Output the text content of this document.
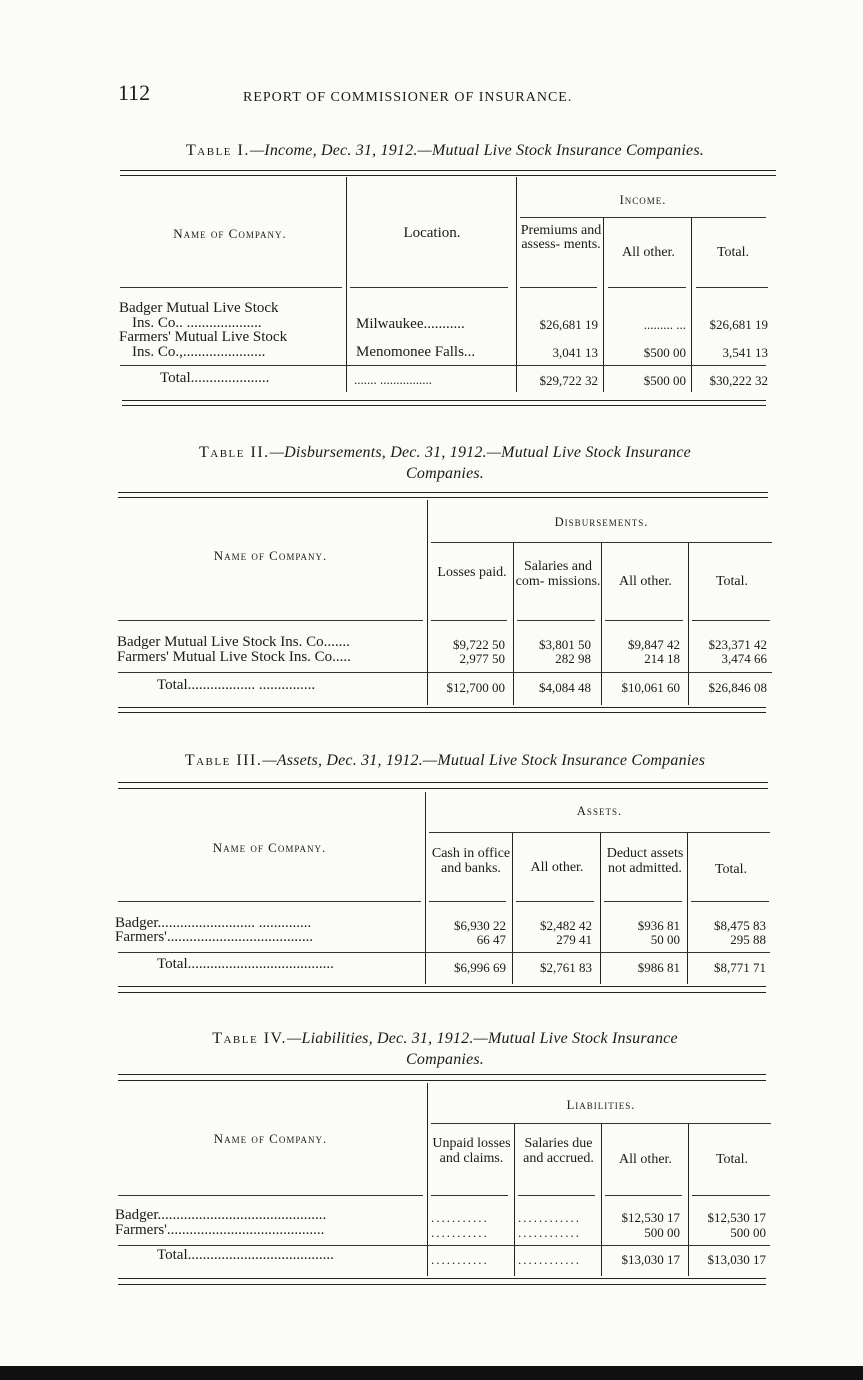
112	REPORT OF COMMISSIONER OF INSURANCE.
Table I.—Income, Dec. 31, 1912.—Mutual Live Stock Insurance Companies.
Name of Company.	Location.
Income.
Premiums and assess- ments.
All other.	Total.
Badger Mutual Live Stock
Ins. Co.. ....................	Milwaukee...........	$26,681 19	......... ...	$26,681 19
Farmers' Mutual Live Stock
Ins. Co.,......................	Menomonee Falls...	3,041 13	$500 00	3,541 13
Total.....................	....... ................	$29,722 32	$500 00	$30,222 32
Table II.—Disbursements, Dec. 31, 1912.—Mutual Live Stock Insurance
Companies.
Name of Company.
Disbursements.
Losses paid.	Salaries and com- missions.	All other.	Total.
Badger Mutual Live Stock Ins. Co.......	$9,722 50	$3,801 50	$9,847 42	$23,371 42
Farmers' Mutual Live Stock Ins. Co.....	2,977 50	282 98	214 18	3,474 66
Total.................. ...............	$12,700 00	$4,084 48	$10,061 60	$26,846 08
Table III.—Assets, Dec. 31, 1912.—Mutual Live Stock Insurance Companies
Name of Company.
Assets.
Cash in office and banks.	All other.
Deduct assets not admitted.	Total.
Badger.......................... ..............	$6,930 22	$2,482 42	$936 81	$8,475 83
Farmers'.......................................	66 47	279 41	50 00	295 88
Total.......................................	$6,996 69	$2,761 83	$986 81	$8,771 71
Table IV.—Liabilities, Dec. 31, 1912.—Mutual Live Stock Insurance
Companies.
Name of Company.
Liabilities.
Unpaid losses and claims.
Salaries due and accrued.	All other.	Total.
Badger.............................................	...........	............	$12,530 17	$12,530 17
Farmers'..........................................	...........	............	500 00	500 00
Total.......................................	...........	............	$13,030 17	$13,030 17
